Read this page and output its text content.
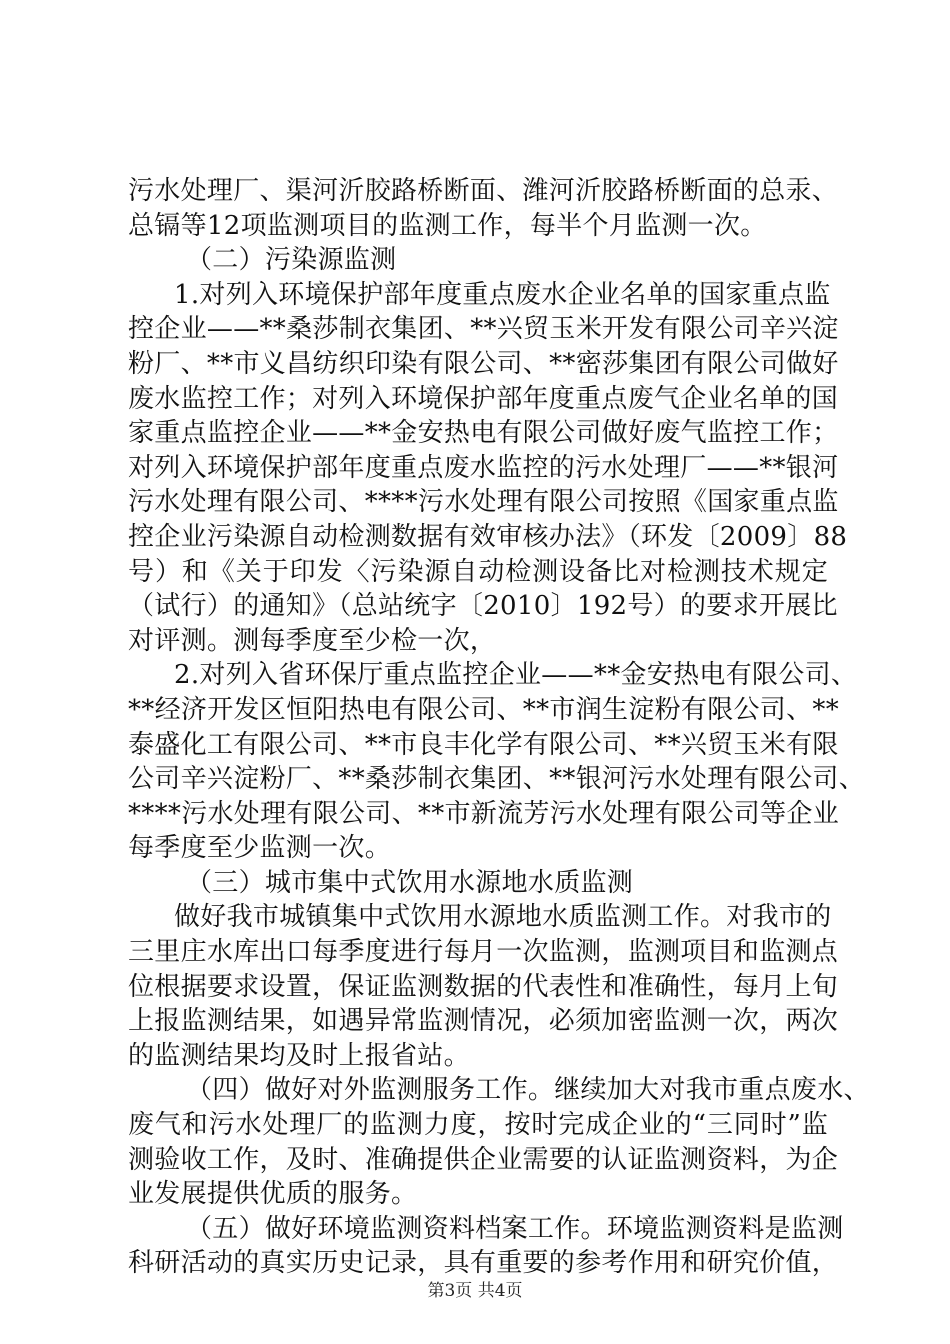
污水处理厂、渠河沂胶路桥断面、潍河沂胶路桥断面的总汞、
总镉等12项监测项目的监测工作，每半个月监测一次。
（二）污染源监测
1.对列入环境保护部年度重点废水企业名单的国家重点监
控企业——**桑莎制衣集团、**兴贸玉米开发有限公司辛兴淀
粉厂、**市义昌纺织印染有限公司、**密莎集团有限公司做好
废水监控工作；对列入环境保护部年度重点废气企业名单的国
家重点监控企业——**金安热电有限公司做好废气监控工作；
对列入环境保护部年度重点废水监控的污水处理厂——**银河
污水处理有限公司、****污水处理有限公司按照《国家重点监
控企业污染源自动检测数据有效审核办法》（环发〔2009〕88
号）和《关于印发〈污染源自动检测设备比对检测技术规定
（试行）的通知》（总站统字〔2010〕192号）的要求开展比
对评测。测每季度至少检一次，
2.对列入省环保厅重点监控企业——**金安热电有限公司、
**经济开发区恒阳热电有限公司、**市润生淀粉有限公司、**
泰盛化工有限公司、**市良丰化学有限公司、**兴贸玉米有限
公司辛兴淀粉厂、**桑莎制衣集团、**银河污水处理有限公司、
****污水处理有限公司、**市新流芳污水处理有限公司等企业
每季度至少监测一次。
（三）城市集中式饮用水源地水质监测
做好我市城镇集中式饮用水源地水质监测工作。对我市的
三里庄水库出口每季度进行每月一次监测，监测项目和监测点
位根据要求设置，保证监测数据的代表性和准确性，每月上旬
上报监测结果，如遇异常监测情况，必须加密监测一次，两次
的监测结果均及时上报省站。
（四）做好对外监测服务工作。继续加大对我市重点废水、
废气和污水处理厂的监测力度，按时完成企业的“三同时”监
测验收工作，及时、准确提供企业需要的认证监测资料，为企
业发展提供优质的服务。
（五）做好环境监测资料档案工作。环境监测资料是监测
科研活动的真实历史记录，具有重要的参考作用和研究价值，
第3页 共4页
